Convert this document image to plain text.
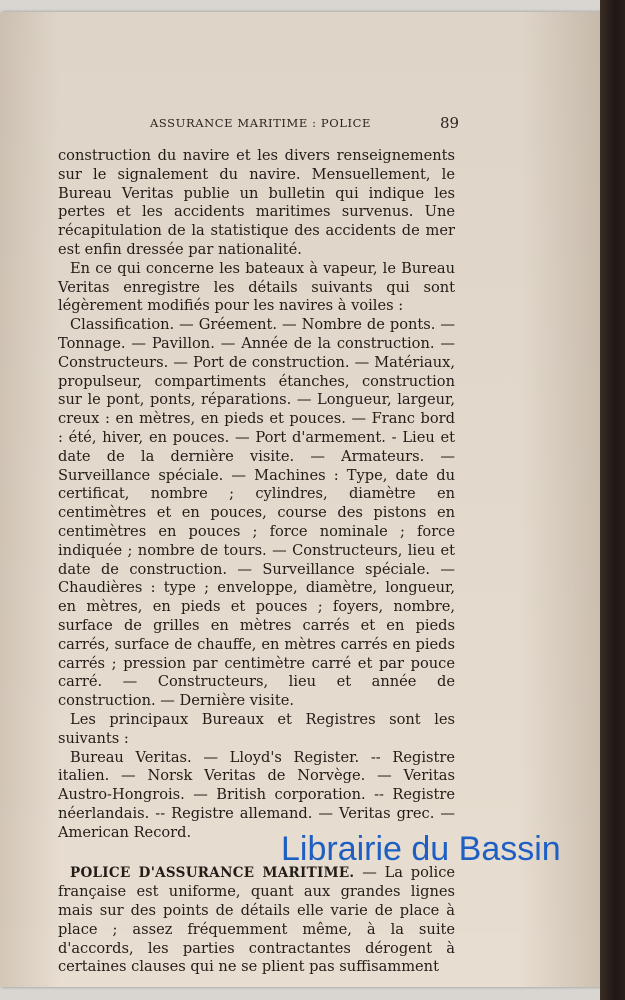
ASSURANCE MARITIME : POLICE	89

construction du navire et les divers renseignements sur le signalement du navire. Mensuellement, le Bureau Veritas publie un bulletin qui indique les pertes et les accidents maritimes survenus. Une récapitulation de la statistique des accidents de mer est enfin dressée par nationalité.

En ce qui concerne les bateaux à vapeur, le Bureau Veritas enregistre les détails suivants qui sont légèrement modifiés pour les navires à voiles :

Classification. — Gréement. — Nombre de ponts. — Tonnage. — Pavillon. — Année de la construction. — Constructeurs. — Port de construction. — Matériaux, propulseur, compartiments étanches, construction sur le pont, ponts, réparations. — Longueur, largeur, creux : en mètres, en pieds et pouces. — Franc bord : été, hiver, en pouces. — Port d'armement. - Lieu et date de la dernière visite. — Armateurs. — Surveillance spéciale. — Machines : Type, date du certificat, nombre ; cylindres, diamètre en centimètres et en pouces, course des pistons en centimètres en pouces ; force nominale ; force indiquée ; nombre de tours. — Constructeurs, lieu et date de construction. — Surveillance spéciale. — Chaudières : type ; enveloppe, diamètre, longueur, en mètres, en pieds et pouces ; foyers, nombre, surface de grilles en mètres carrés et en pieds carrés, surface de chauffe, en mètres carrés en pieds carrés ; pression par centimètre carré et par pouce carré. — Constructeurs, lieu et année de construction. — Dernière visite.

Les principaux Bureaux et Registres sont les suivants :

Bureau Veritas. — Lloyd's Register. -- Registre italien. — Norsk Veritas de Norvège. — Veritas Austro-Hongrois. — British corporation. -- Registre néerlandais. -- Registre allemand. — Veritas grec. — American Record.

POLICE D'ASSURANCE MARITIME. — La police française est uniforme, quant aux grandes lignes mais sur des points de détails elle varie de place à place ; assez fréquemment même, à la suite d'accords, les parties contractantes dérogent à certaines clauses qui ne se plient pas suffisamment

Librairie du Bassin
